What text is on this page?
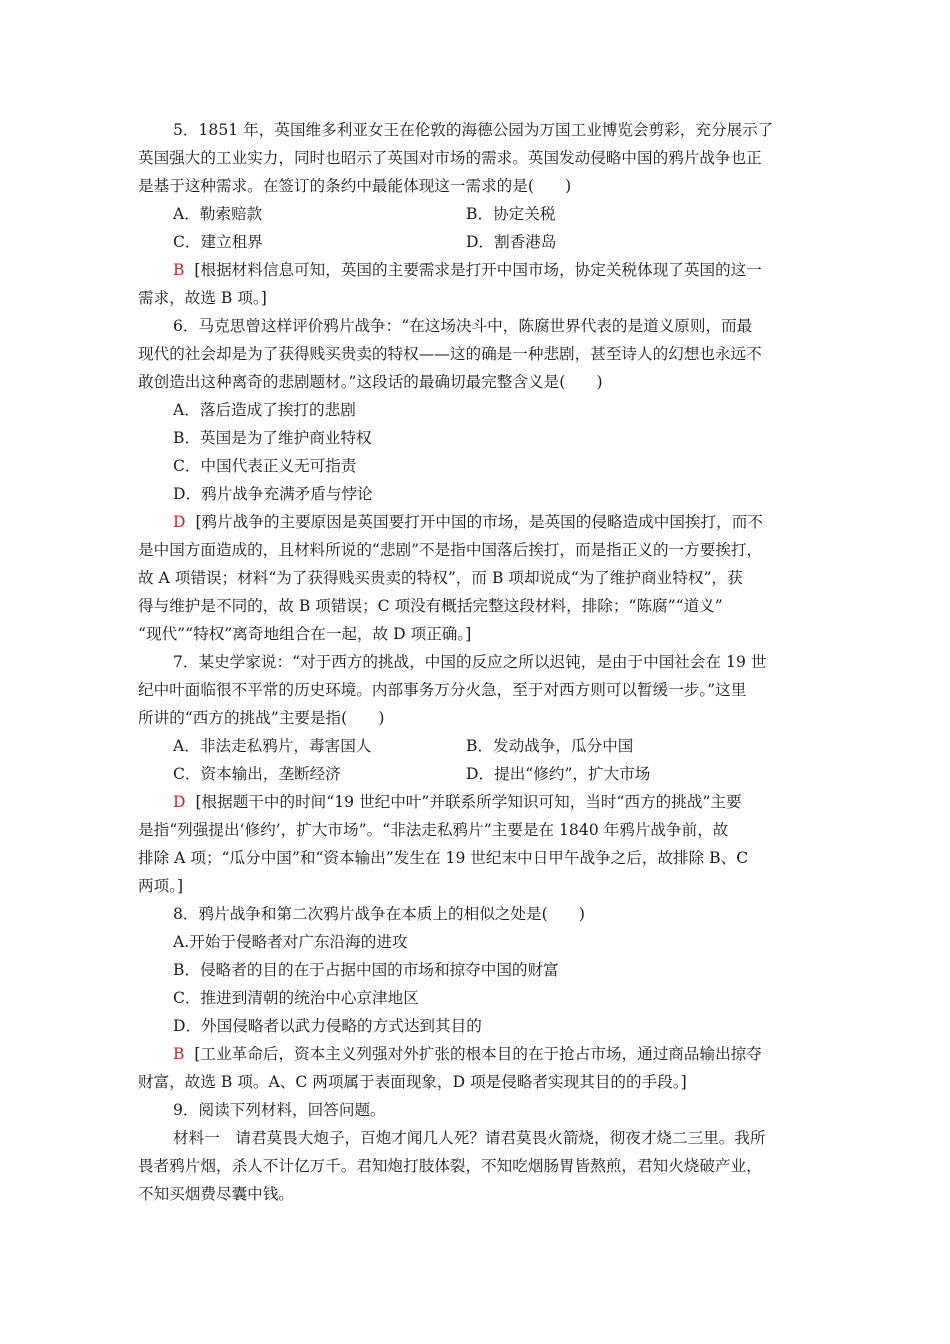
5．1851 年，英国维多利亚女王在伦敦的海德公园为万国工业博览会剪彩，充分展示了
英国强大的工业实力，同时也昭示了英国对市场的需求。英国发动侵略中国的鸦片战争也正
是基于这种需求。在签订的条约中最能体现这一需求的是(　　)
A．勒索赔款	B．协定关税
C．建立租界	D．割香港岛
B [根据材料信息可知，英国的主要需求是打开中国市场，协定关税体现了英国的这一
需求，故选 B 项。]
6．马克思曾这样评价鸦片战争：“在这场决斗中，陈腐世界代表的是道义原则，而最
现代的社会却是为了获得贱买贵卖的特权——这的确是一种悲剧，甚至诗人的幻想也永远不
敢创造出这种离奇的悲剧题材。”这段话的最确切最完整含义是(　　)
A．落后造成了挨打的悲剧
B．英国是为了维护商业特权
C．中国代表正义无可指责
D．鸦片战争充满矛盾与悖论
D [鸦片战争的主要原因是英国要打开中国的市场，是英国的侵略造成中国挨打，而不
是中国方面造成的，且材料所说的“悲剧”不是指中国落后挨打，而是指正义的一方要挨打，
故 A 项错误；材料“为了获得贱买贵卖的特权”，而 B 项却说成“为了维护商业特权”，获
得与维护是不同的，故 B 项错误；C 项没有概括完整这段材料，排除；“陈腐”“道义”
“现代”“特权”离奇地组合在一起，故 D 项正确。]
7．某史学家说：“对于西方的挑战，中国的反应之所以迟钝，是由于中国社会在 19 世
纪中叶面临很不平常的历史环境。内部事务万分火急，至于对西方则可以暂缓一步。”这里
所讲的“西方的挑战”主要是指(　　)
A．非法走私鸦片，毒害国人	B．发动战争，瓜分中国
C．资本输出，垄断经济	D．提出“修约”，扩大市场
D [根据题干中的时间“19 世纪中叶”并联系所学知识可知，当时“西方的挑战”主要
是指“列强提出‘修约’，扩大市场”。“非法走私鸦片”主要是在 1840 年鸦片战争前，故
排除 A 项；“瓜分中国”和“资本输出”发生在 19 世纪末中日甲午战争之后，故排除 B、C
两项。]
8．鸦片战争和第二次鸦片战争在本质上的相似之处是(　　)
A.开始于侵略者对广东沿海的进攻
B．侵略者的目的在于占据中国的市场和掠夺中国的财富
C．推进到清朝的统治中心京津地区
D．外国侵略者以武力侵略的方式达到其目的
B [工业革命后，资本主义列强对外扩张的根本目的在于抢占市场，通过商品输出掠夺
财富，故选 B 项。A、C 两项属于表面现象，D 项是侵略者实现其目的的手段。]
9．阅读下列材料，回答问题。
材料一　请君莫畏大炮子，百炮才闻几人死？请君莫畏火箭烧，彻夜才烧二三里。我所
畏者鸦片烟，杀人不计亿万千。君知炮打肢体裂，不知吃烟肠胃皆熬煎，君知火烧破产业，
不知买烟费尽囊中钱。
